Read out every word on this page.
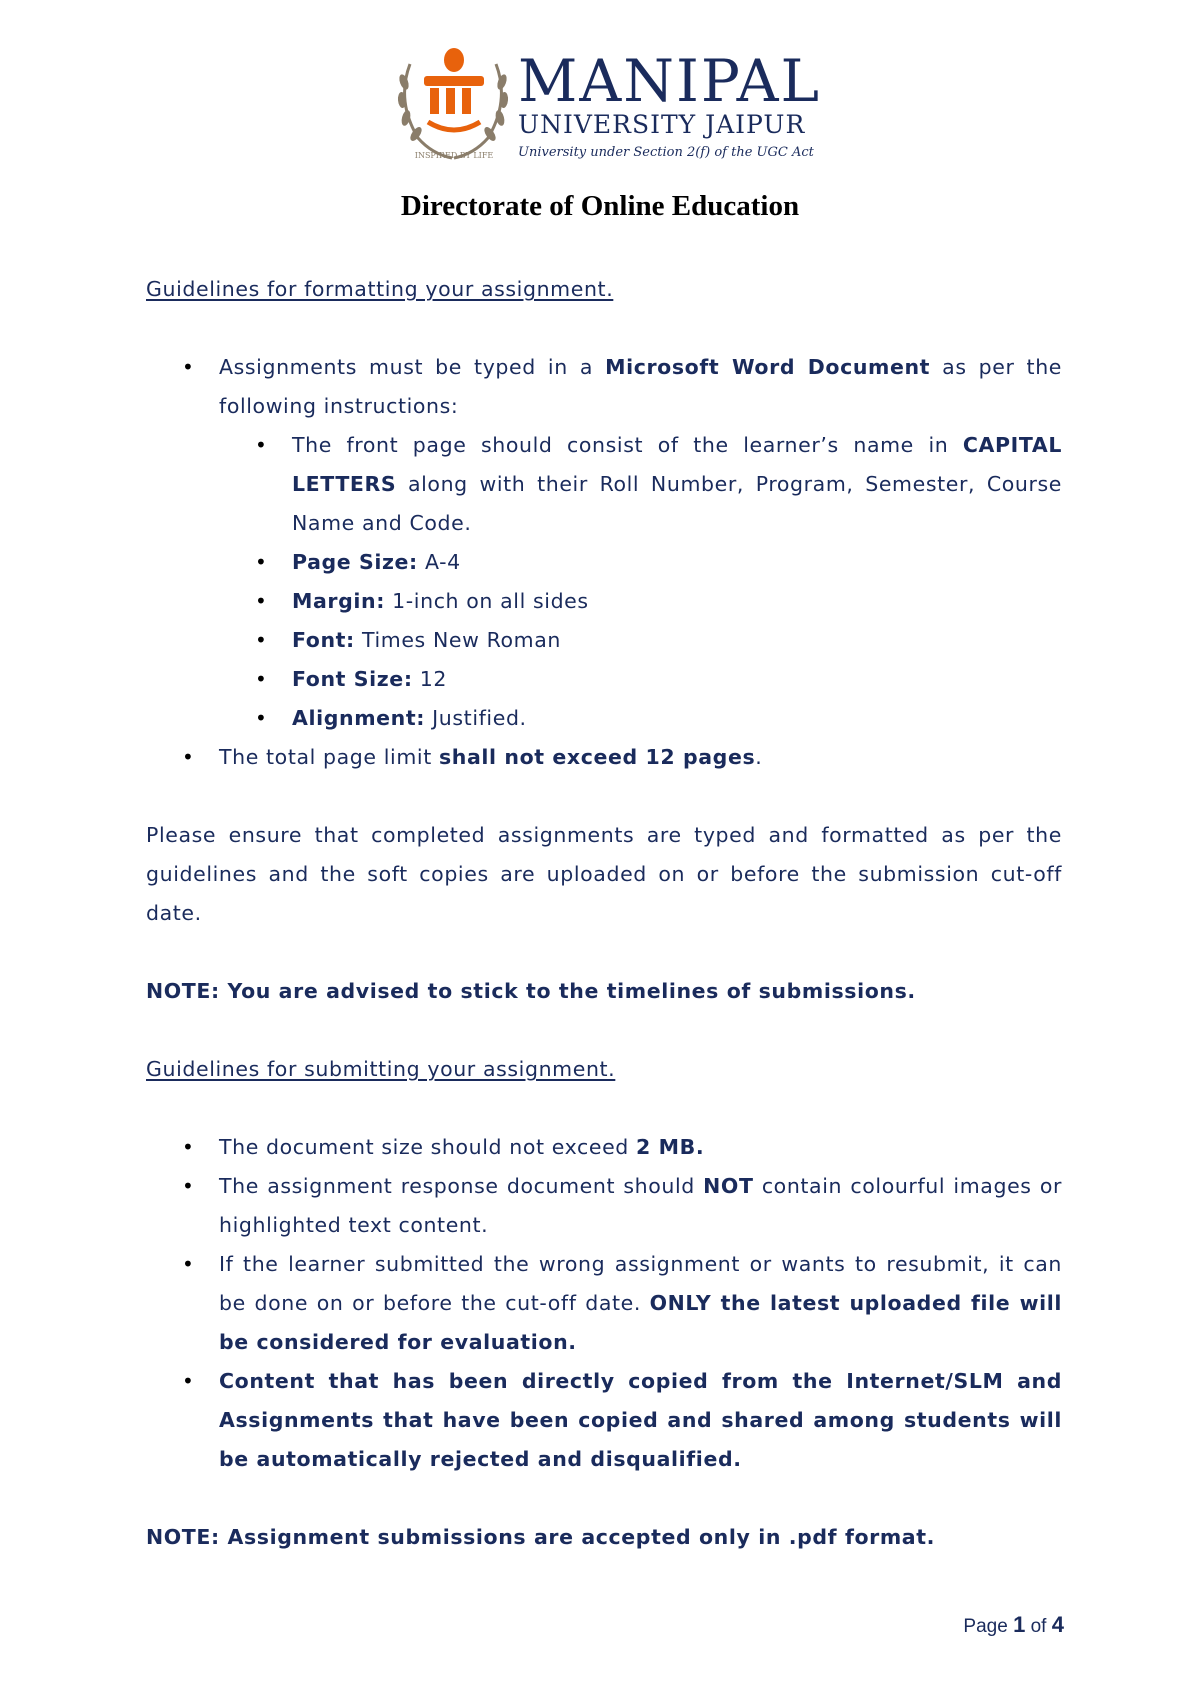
INSPIRED BY LIFE
MANIPAL
UNIVERSITY JAIPUR
University under Section 2(f) of the UGC Act
Directorate of Online Education
Guidelines for formatting your assignment.
• Assignments must be typed in a Microsoft Word Document as per the following instructions:
• The front page should consist of the learner’s name in CAPITAL LETTERS along with their Roll Number, Program, Semester, Course Name and Code.
• Page Size: A-4
• Margin: 1-inch on all sides
• Font: Times New Roman
• Font Size: 12
• Alignment: Justified.
• The total page limit shall not exceed 12 pages.
Please ensure that completed assignments are typed and formatted as per the guidelines and the soft copies are uploaded on or before the submission cut-off date.
NOTE: You are advised to stick to the timelines of submissions.
Guidelines for submitting your assignment.
• The document size should not exceed 2 MB.
• The assignment response document should NOT contain colourful images or highlighted text content.
• If the learner submitted the wrong assignment or wants to resubmit, it can be done on or before the cut-off date. ONLY the latest uploaded file will be considered for evaluation.
• Content that has been directly copied from the Internet/SLM and Assignments that have been copied and shared among students will be automatically rejected and disqualified.
NOTE: Assignment submissions are accepted only in .pdf format.
Page 1 of 4
